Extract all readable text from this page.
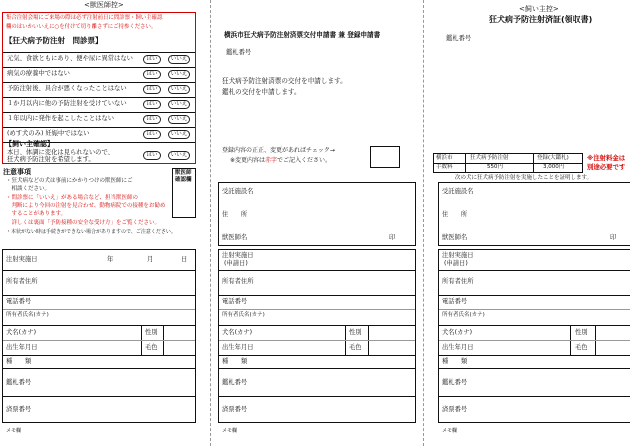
<獣医師控>
集合注射会場にご来場の際は必ず注射前日に問診票・飼い主確認
欄のはいかいいえに○を付けて切り離さずにご持参ください。
【狂犬病予防注射　問診票】
元気、食欲ともにあり、便や尿に異常はない	はい	いいえ
病気の療養中ではない	はい	いいえ
予防注射後、具合が悪くなったことはない	はい	いいえ
１か月以内に他の予防注射を受けていない	はい	いいえ
１年以内に発作を起こしたことはない	はい	いいえ
(めす犬のみ) 妊娠中ではない	はい	いいえ
【飼い主確認】
本日、体調に変化は見られないので、
狂犬病予防注射を希望します。
はい	いいえ
注意事項
・狂犬病などの犬は事前にかかりつけの獣医師にご
　相談ください。
・問診票に「いいえ」がある場合など、担当獣医師の
　判断により今回の注射を見合わせ、動物病院での接種をお勧め
　することがあります。
　詳しくは裏面「予防接種の安全な受け方」をご覧ください。
・本状がない時は手続きができない場合がありますので、ご注意ください。
獣医師
確認欄
注射実施日	年	月	日
所有者住所
電話番号
所有者氏名(カナ)
犬名(カナ)	性別
出生年月日	毛色
種　　類
鑑札番号
済票番号
メモ欄
横浜市狂犬病予防注射済票交付申請書 兼 登録申請書
鑑札番号
狂犬病予防注射済票の交付を申請します。
鑑札の交付を申請します。
登録内容の正正、変更があればチェック→
※変更内容は赤字でご記入ください。
受託施設名
住　　所
獣医師名	印
注射実施日
(申請日)
所有者住所
電話番号
所有者氏名(カナ)
犬名(カナ)	性別
出生年月日	毛色
種　　類
鑑札番号
済票番号
メモ欄
<飼い主控>
狂犬病予防注射済証(領収書)
鑑札番号
横浜市	狂犬病予防注射	登録(大鑑札)
手数料	550円	3,000円
※注射料金は
別途必要です
次の犬に狂犬病予防注射を実施したことを証明します。
受託施設名
住　　所
獣医師名	印
注射実施日
(申請日)
所有者住所
電話番号
所有者氏名(カナ)
犬名(カナ)	性別
出生年月日	毛色
種　　類
鑑札番号
済票番号
メモ欄
